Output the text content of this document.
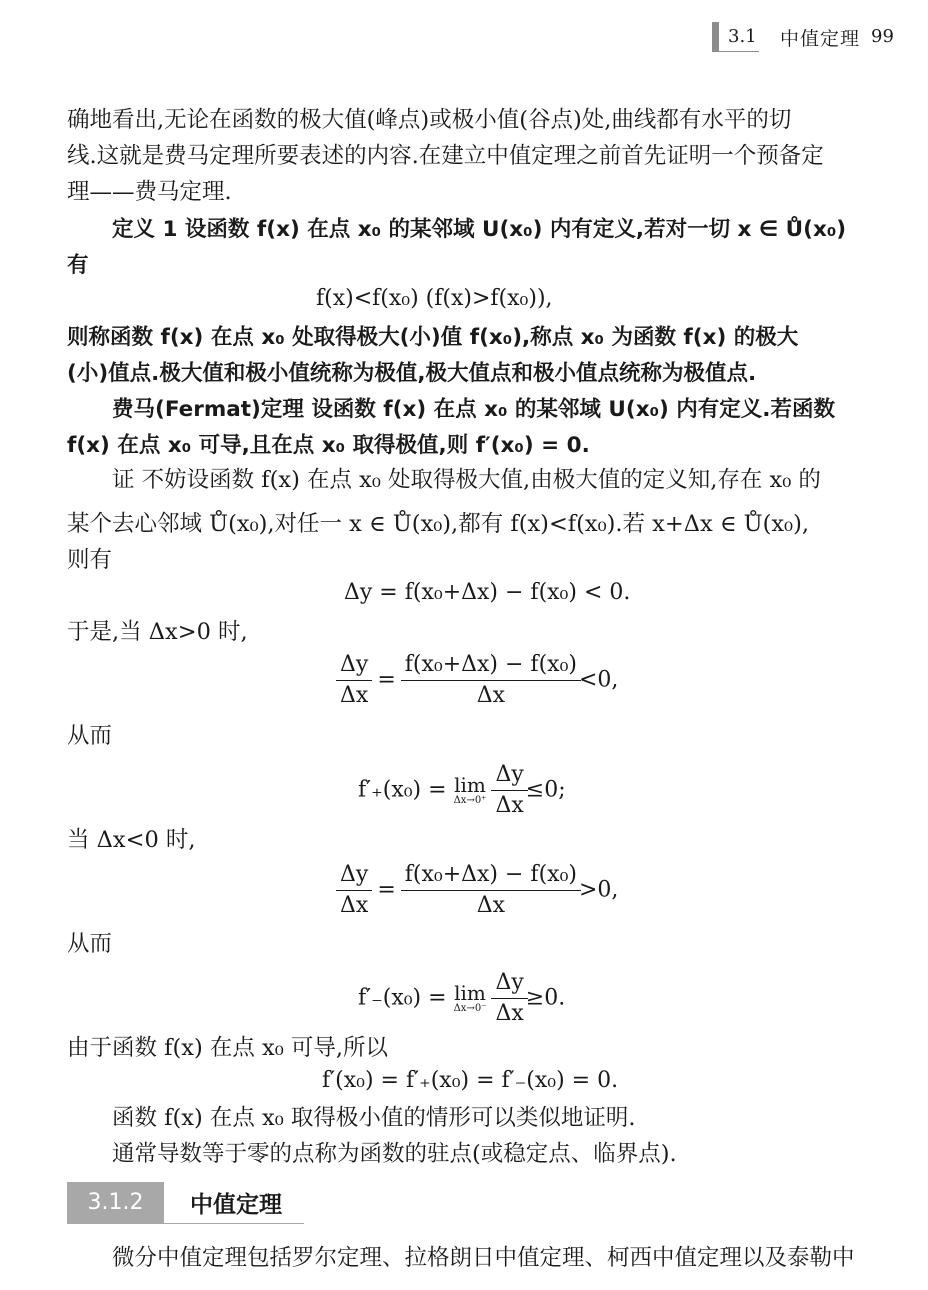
3.1 中值定理 99
确地看出,无论在函数的极大值(峰点)或极小值(谷点)处,曲线都有水平的切
线.这就是费马定理所要表述的内容.在建立中值定理之前首先证明一个预备定
理——费马定理.
定义 1 设函数 f(x) 在点 x₀ 的某邻域 U(x₀) 内有定义,若对一切 x ∈ Ů(x₀)
有
f(x)<f(x₀) (f(x)>f(x₀)),
则称函数 f(x) 在点 x₀ 处取得极大(小)值 f(x₀),称点 x₀ 为函数 f(x) 的极大
(小)值点.极大值和极小值统称为极值,极大值点和极小值点统称为极值点.
费马(Fermat)定理 设函数 f(x) 在点 x₀ 的某邻域 U(x₀) 内有定义.若函数
f(x) 在点 x₀ 可导,且在点 x₀ 取得极值,则 f′(x₀) = 0.
证 不妨设函数 f(x) 在点 x₀ 处取得极大值,由极大值的定义知,存在 x₀ 的
某个去心邻域 Ů(x₀),对任一 x ∈ Ů(x₀),都有 f(x)<f(x₀).若 x+Δx ∈ Ů(x₀),
则有
Δy = f(x₀+Δx) − f(x₀) < 0.
于是,当 Δx>0 时,
$\frac{\Delta y}{\Delta x} = \frac{\text{f(x₀+Δx) − f(x₀)}}{\Delta x} <0$,
从而
f′₊(x₀) = lim
Δx→0⁺
$\frac{\Delta y}{\Delta x} \le 0$;
当 Δx<0 时,
$\frac{\Delta y}{\Delta x} = \frac{\text{f(x₀+Δx) − f(x₀)}}{\Delta x} >0$,
从而
f′₋(x₀) = lim
Δx→0⁻
$\frac{\Delta y}{\Delta x} \ge 0$.
由于函数 f(x) 在点 x₀ 可导,所以
f′(x₀) = f′₊(x₀) = f′₋(x₀) = 0.
函数 f(x) 在点 x₀ 取得极小值的情形可以类似地证明.
通常导数等于零的点称为函数的驻点(或稳定点、临界点).
3.1.2	中值定理
微分中值定理包括罗尔定理、拉格朗日中值定理、柯西中值定理以及泰勒中
